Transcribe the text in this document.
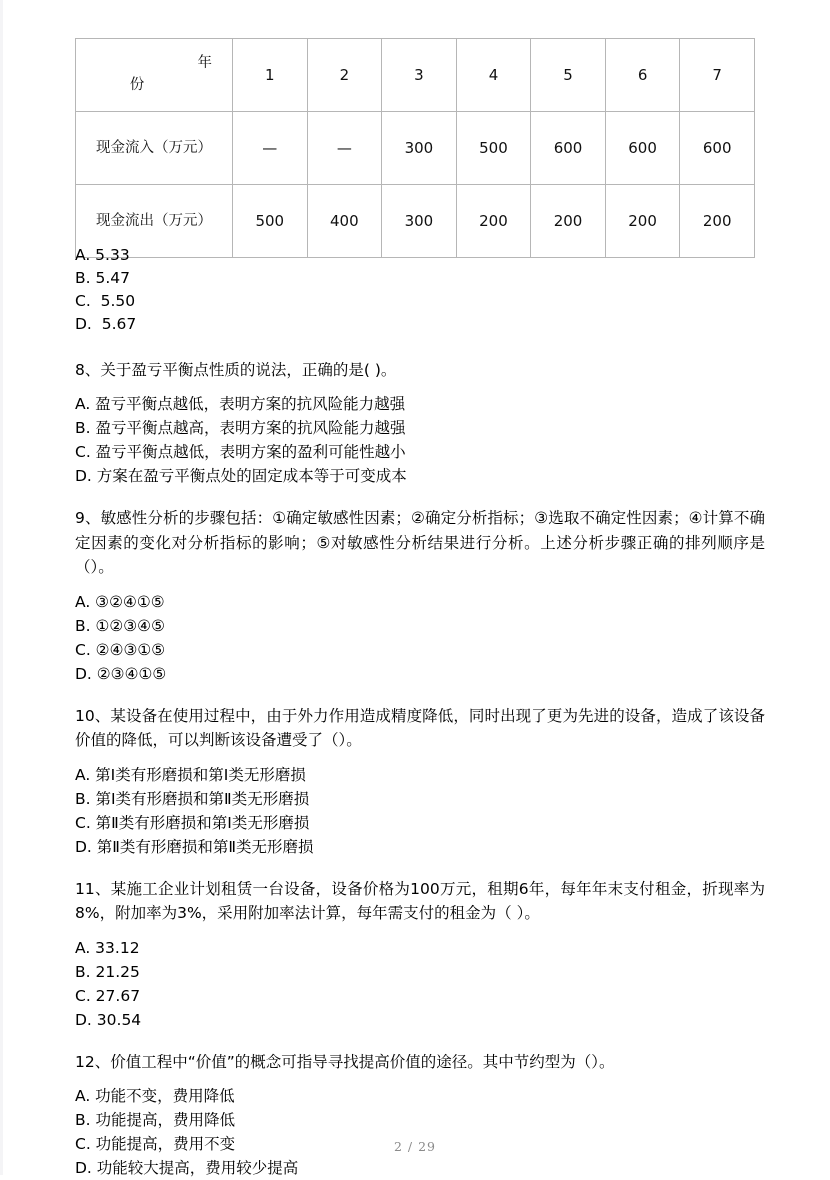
年
份	1	2	3	4	5	6	7
现金流入（万元）	—	—	300	500	600	600	600
现金流出（万元）	500	400	300	200	200	200	200

A. 5.33

B. 5.47

C.  5.50

D.  5.67

8、关于盈亏平衡点性质的说法，正确的是( )。

A. 盈亏平衡点越低，表明方案的抗风险能力越强

B. 盈亏平衡点越高，表明方案的抗风险能力越强

C. 盈亏平衡点越低，表明方案的盈利可能性越小

D. 方案在盈亏平衡点处的固定成本等于可变成本

9、敏感性分析的步骤包括：①确定敏感性因素；②确定分析指标；③选取不确定性因素；④计算不确定因素的变化对分析指标的影响；⑤对敏感性分析结果进行分析。上述分析步骤正确的排列顺序是（）。

A. ③②④①⑤

B. ①②③④⑤

C. ②④③①⑤

D. ②③④①⑤

10、某设备在使用过程中，由于外力作用造成精度降低，同时出现了更为先进的设备，造成了该设备价值的降低，可以判断该设备遭受了（）。

A. 第Ⅰ类有形磨损和第Ⅰ类无形磨损

B. 第Ⅰ类有形磨损和第Ⅱ类无形磨损

C. 第Ⅱ类有形磨损和第Ⅰ类无形磨损

D. 第Ⅱ类有形磨损和第Ⅱ类无形磨损

11、某施工企业计划租赁一台设备，设备价格为100万元，租期6年，每年年末支付租金，折现率为8%，附加率为3%，采用附加率法计算，每年需支付的租金为（ ）。

A. 33.12

B. 21.25

C. 27.67

D. 30.54

12、价值工程中“价值”的概念可指导寻找提高价值的途径。其中节约型为（）。

A. 功能不变，费用降低

B. 功能提高，费用降低

C. 功能提高，费用不变

D. 功能较大提高，费用较少提高

2 / 29
